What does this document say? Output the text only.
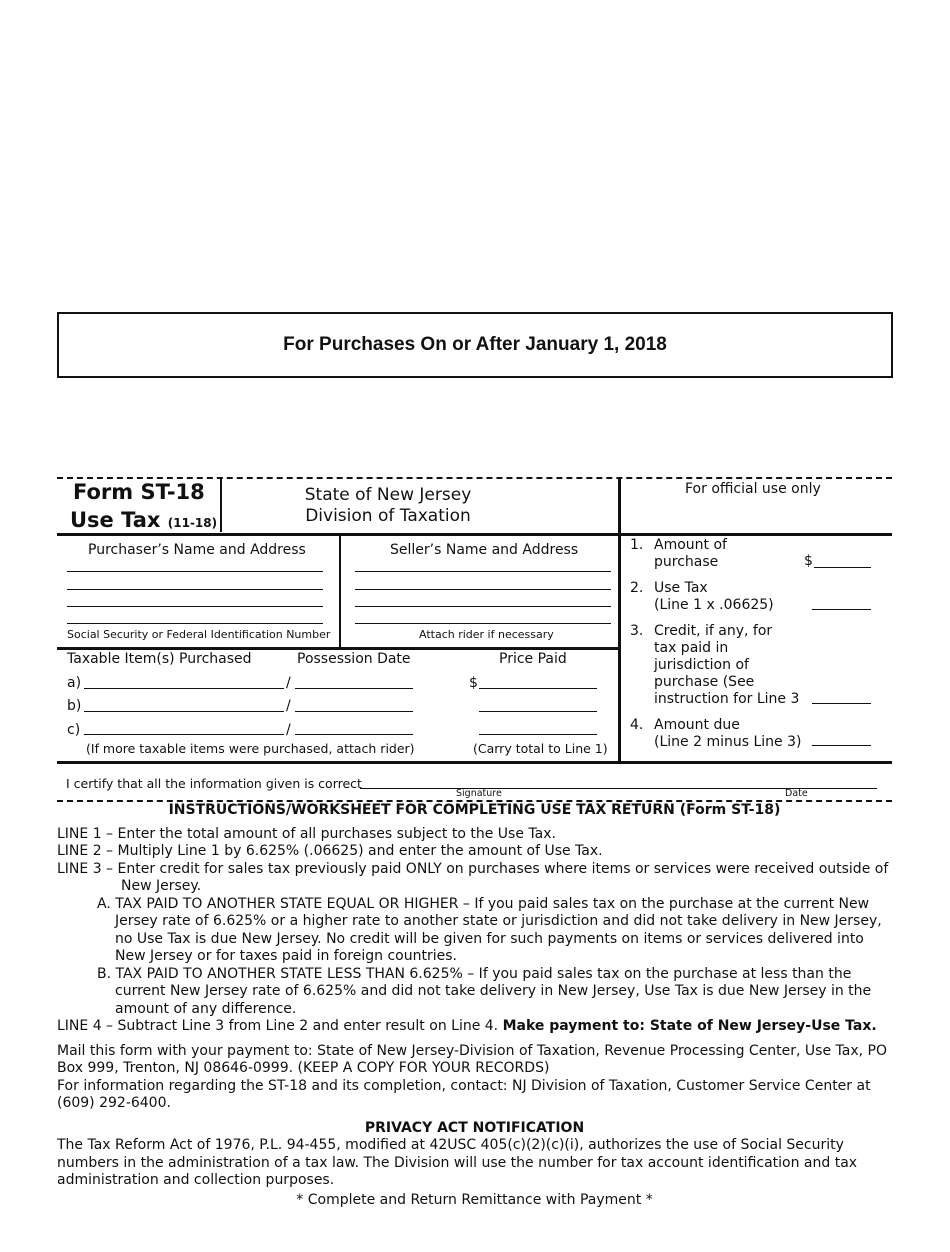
For Purchases On or After January 1, 2018
Form ST-18
Use Tax (11-18)
State of New Jersey
Division of Taxation
For official use only
Purchaser’s Name and Address	Seller’s Name and Address
Social Security or Federal Identification Number	Attach rider if necessary
Taxable Item(s) Purchased	Possession Date	Price Paid
a)	/	$
b)	/
c)	/
(If more taxable items were purchased, attach rider)	(Carry total to Line 1)
1. Amount of
purchase	$
2. Use Tax
(Line 1 x .06625)
3. Credit, if any, for
tax paid in
jurisdiction of
purchase (See
instruction for Line 3
4. Amount due
(Line 2 minus Line 3)
I certify that all the information given is correct
Signature	Date

INSTRUCTIONS/WORKSHEET FOR COMPLETING USE TAX RETURN (Form ST-18)

LINE 1 – Enter the total amount of all purchases subject to the Use Tax.

LINE 2 – Multiply Line 1 by 6.625% (.06625) and enter the amount of Use Tax.

LINE 3 – Enter credit for sales tax previously paid ONLY on purchases where items or services were received outside of New Jersey.

A. TAX PAID TO ANOTHER STATE EQUAL OR HIGHER – If you paid sales tax on the purchase at the current New Jersey rate of 6.625% or a higher rate to another state or jurisdiction and did not take delivery in New Jersey, no Use Tax is due New Jersey. No credit will be given for such payments on items or services delivered into New Jersey or for taxes paid in foreign countries.

B. TAX PAID TO ANOTHER STATE LESS THAN 6.625% – If you paid sales tax on the purchase at less than the current New Jersey rate of 6.625% and did not take delivery in New Jersey, Use Tax is due New Jersey in the amount of any difference.

LINE 4 – Subtract Line 3 from Line 2 and enter result on Line 4. Make payment to: State of New Jersey-Use Tax.

Mail this form with your payment to: State of New Jersey-Division of Taxation, Revenue Processing Center, Use Tax, PO Box 999, Trenton, NJ 08646-0999. (KEEP A COPY FOR YOUR RECORDS)

For information regarding the ST-18 and its completion, contact: NJ Division of Taxation, Customer Service Center at (609) 292-6400.

PRIVACY ACT NOTIFICATION

The Tax Reform Act of 1976, P.L. 94-455, modified at 42USC 405(c)(2)(c)(i), authorizes the use of Social Security numbers in the administration of a tax law. The Division will use the number for tax account identification and tax administration and collection purposes.

* Complete and Return Remittance with Payment *
